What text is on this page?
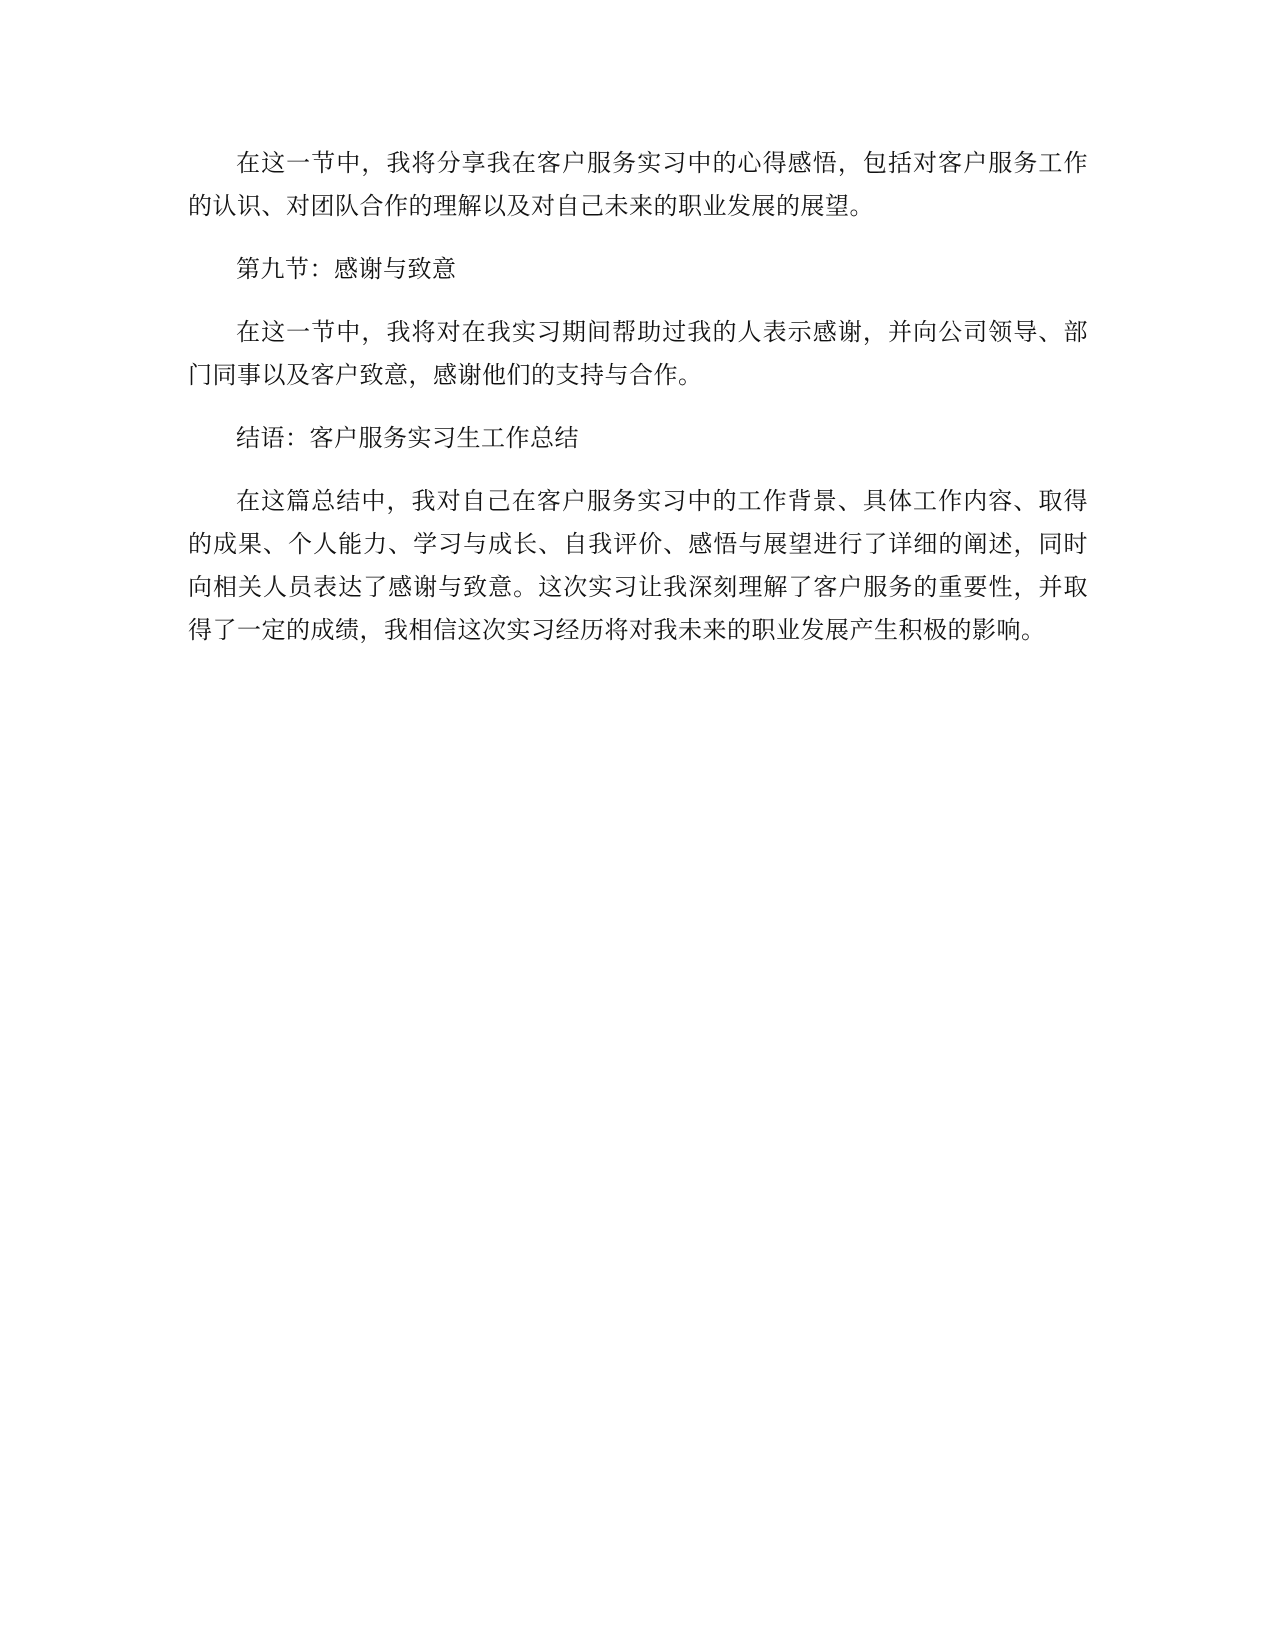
在这一节中，我将分享我在客户服务实习中的心得感悟，包括对客户服务工作的认识、对团队合作的理解以及对自己未来的职业发展的展望。

第九节：感谢与致意

在这一节中，我将对在我实习期间帮助过我的人表示感谢，并向公司领导、部门同事以及客户致意，感谢他们的支持与合作。

结语：客户服务实习生工作总结

在这篇总结中，我对自己在客户服务实习中的工作背景、具体工作内容、取得的成果、个人能力、学习与成长、自我评价、感悟与展望进行了详细的阐述，同时向相关人员表达了感谢与致意。这次实习让我深刻理解了客户服务的重要性，并取得了一定的成绩，我相信这次实习经历将对我未来的职业发展产生积极的影响。
